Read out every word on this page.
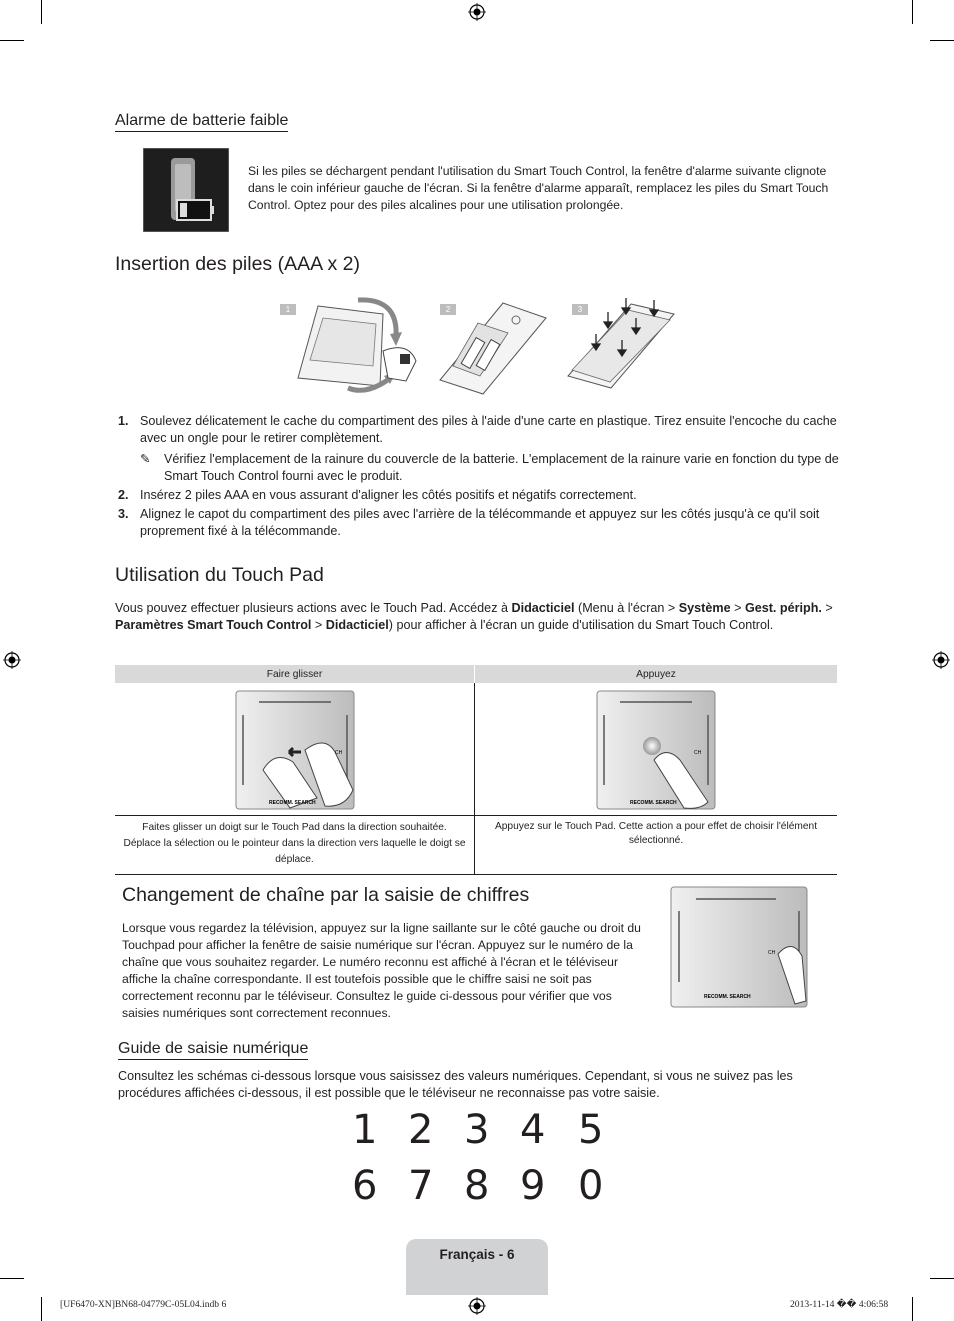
Alarme de batterie faible
Si les piles se déchargent pendant l'utilisation du Smart Touch Control, la fenêtre d'alarme suivante clignote dans le coin inférieur gauche de l'écran. Si la fenêtre d'alarme apparaît, remplacez les piles du Smart Touch Control. Optez pour des piles alcalines pour une utilisation prolongée.
Insertion des piles (AAA x 2)
1	2	3
1. Soulevez délicatement le cache du compartiment des piles à l'aide d'une carte en plastique. Tirez ensuite l'encoche du cache avec un ongle pour le retirer complètement.
✎ Vérifiez l'emplacement de la rainure du couvercle de la batterie. L'emplacement de la rainure varie en fonction du type de Smart Touch Control fourni avec le produit.
2. Insérez 2 piles AAA en vous assurant d'aligner les côtés positifs et négatifs correctement.
3. Alignez le capot du compartiment des piles avec l'arrière de la télécommande et appuyez sur les côtés jusqu'à ce qu'il soit proprement fixé à la télécommande.
Utilisation du Touch Pad
Vous pouvez effectuer plusieurs actions avec le Touch Pad. Accédez à Didacticiel (Menu à l'écran > Système > Gest. périph. > Paramètres Smart Touch Control > Didacticiel) pour afficher à l'écran un guide d'utilisation du Smart Touch Control.
Faire glisser	Appuyez

RECOMM. SEARCH
CH	RECOMM. SEARCH
CH

Faites glisser un doigt sur le Touch Pad dans la direction souhaitée.
Déplace la sélection ou le pointeur dans la direction vers laquelle le doigt se déplace.	Appuyez sur le Touch Pad. Cette action a pour effet de choisir l'élément sélectionné.
Changement de chaîne par la saisie de chiffres
Lorsque vous regardez la télévision, appuyez sur la ligne saillante sur le côté gauche ou droit du Touchpad pour afficher la fenêtre de saisie numérique sur l'écran. Appuyez sur le numéro de la chaîne que vous souhaitez regarder. Le numéro reconnu est affiché à l'écran et le téléviseur affiche la chaîne correspondante. Il est toutefois possible que le chiffre saisi ne soit pas correctement reconnu par le téléviseur. Consultez le guide ci-dessous pour vérifier que vos saisies numériques sont correctement reconnues.
RECOMM. SEARCH
CH
Guide de saisie numérique
Consultez les schémas ci-dessous lorsque vous saisissez des valeurs numériques. Cependant, si vous ne suivez pas les procédures affichées ci-dessous, il est possible que le téléviseur ne reconnaisse pas votre saisie.
1 2 3 4 5
6 7 8 9 0
Français - 6
[UF6470-XN]BN68-04779C-05L04.indb 6	2013-11-14 �� 4:06:58
